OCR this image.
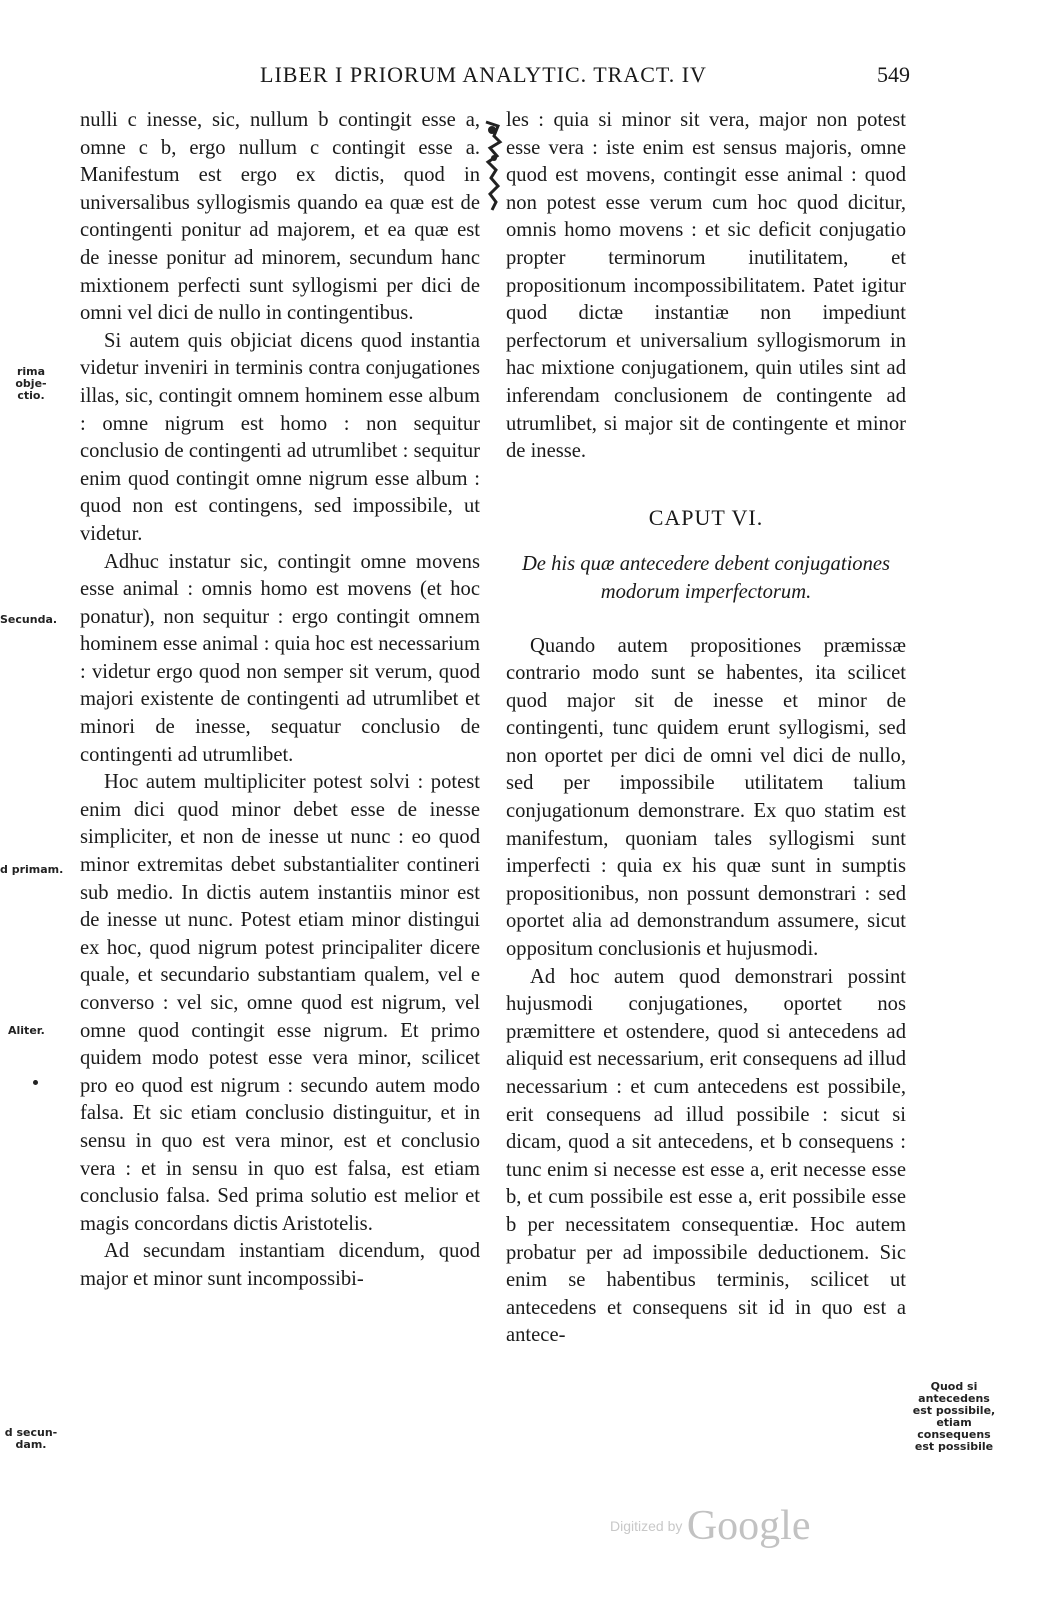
LIBER I PRIORUM ANALYTIC. TRACT. IV	549

nulli c inesse, sic, nullum b contingit esse a, omne c b, ergo nullum c contingit esse a. Manifestum est ergo ex dictis, quod in universalibus syllogismis quando ea quæ est de contingenti ponitur ad majorem, et ea quæ est de inesse ponitur ad minorem, secundum hanc mixtionem perfecti sunt syllogismi per dici de omni vel dici de nullo in contingentibus.

Si autem quis objiciat dicens quod instantia videtur inveniri in terminis contra conjugationes illas, sic, contingit omnem hominem esse album : omne nigrum est homo : non sequitur conclusio de contingenti ad utrumlibet : sequitur enim quod contingit omne nigrum esse album : quod non est contingens, sed impossibile, ut videtur.

Adhuc instatur sic, contingit omne movens esse animal : omnis homo est movens (et hoc ponatur), non sequitur : ergo contingit omnem hominem esse animal : quia hoc est necessarium : videtur ergo quod non semper sit verum, quod majori existente de contingenti ad utrumlibet et minori de inesse, sequatur conclusio de contingenti ad utrumlibet.

Hoc autem multipliciter potest solvi : potest enim dici quod minor debet esse de inesse simpliciter, et non de inesse ut nunc : eo quod minor extremitas debet substantialiter contineri sub medio. In dictis autem instantiis minor est de inesse ut nunc. Potest etiam minor distingui ex hoc, quod nigrum potest principaliter dicere quale, et secundario substantiam qualem, vel e converso : vel sic, omne quod est nigrum, vel omne quod contingit esse nigrum. Et primo quidem modo potest esse vera minor, scilicet pro eo quod est nigrum : secundo autem modo falsa. Et sic etiam conclusio distinguitur, et in sensu in quo est vera minor, est et conclusio vera : et in sensu in quo est falsa, est etiam conclusio falsa. Sed prima solutio est melior et magis concordans dictis Aristotelis.

Ad secundam instantiam dicendum, quod major et minor sunt incompossibi-

les : quia si minor sit vera, major non potest esse vera : iste enim est sensus majoris, omne quod est movens, contingit esse animal : quod non potest esse verum cum hoc quod dicitur, omnis homo movens : et sic deficit conjugatio propter terminorum inutilitatem, et propositionum incompossibilitatem. Patet igitur quod dictæ instantiæ non impediunt perfectorum et universalium syllogismorum in hac mixtione conjugationem, quin utiles sint ad inferendam conclusionem de contingente ad utrumlibet, si major sit de contingente et minor de inesse.

CAPUT VI.
De his quæ antecedere debent conjugationes modorum imperfectorum.

Quando autem propositiones præmissæ contrario modo sunt se habentes, ita scilicet quod major sit de inesse et minor de contingenti, tunc quidem erunt syllogismi, sed non oportet per dici de omni vel dici de nullo, sed per impossibile utilitatem talium conjugationum demonstrare. Ex quo statim est manifestum, quoniam tales syllogismi sunt imperfecti : quia ex his quæ sunt in sumptis propositionibus, non possunt demonstrari : sed oportet alia ad demonstrandum assumere, sicut oppositum conclusionis et hujusmodi.

Ad hoc autem quod demonstrari possint hujusmodi conjugationes, oportet nos præmittere et ostendere, quod si antecedens ad aliquid est necessarium, erit consequens ad illud necessarium : et cum antecedens est possibile, erit consequens ad illud possibile : sicut si dicam, quod a sit antecedens, et b consequens : tunc enim si necesse est esse a, erit necesse esse b, et cum possibile est esse a, erit possibile esse b per necessitatem consequentiæ. Hoc autem probatur per ad impossibile deductionem. Sic enim se habentibus terminis, scilicet ut antecedens et consequens sit id in quo est a antece-

rima obje- ctio.
Secunda.
d primam.
Aliter.
d secun- dam.
Quod si antecedens est possibile, etiam consequens est possibile
Digitized by Google
